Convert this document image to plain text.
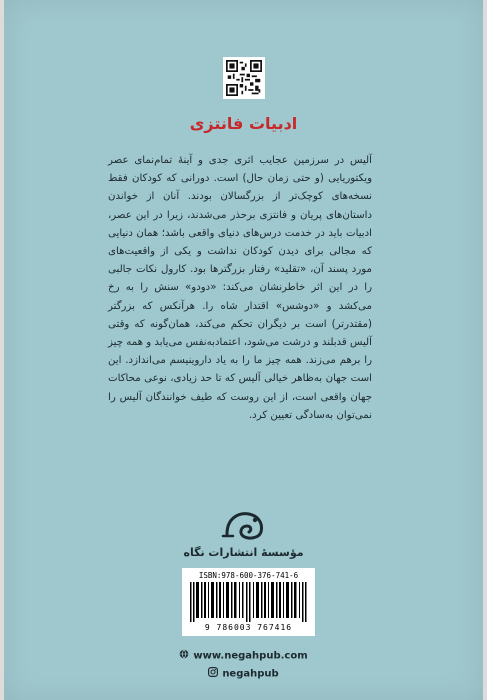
ادبیات فانتزی

آلیس در سرزمین عجایب اثری جدی و آینهٔ تمام‌نمای عصر ویکتوریایی (و حتی زمان حال) است. دورانی که کودکان فقط نسخه‌های کوچک‌تر از بزرگسالان بودند. آنان از خواندن داستان‌های پریان و فانتزی برحذر می‌شدند، زیرا در این عصر، ادبیات باید در خدمت درس‌های دنیای واقعی باشد؛ همان دنیایی که مجالی برای دیدن کودکان نداشت و یکی از واقعیت‌های مورد پسند آن، «تقلید» رفتار بزرگترها بود. کارول نکات جالبی را در این اثر خاطرنشان می‌کند: «دودو» سنش را به رخ می‌کشد و «دوشس» اقتدار شاه را. هرآنکس که بزرگتر (مقتدرتر) است بر دیگران تحکم می‌کند، همان‌گونه که وقتی آلیس قدبلند و درشت می‌شود، اعتماد‌به‌نفس می‌یابد و همه چیز را برهم می‌زند. همه چیز ما را به یاد داروینیسم می‌اندازد. این است جهان به‌ظاهر خیالی آلیس که تا حد زیادی، نوعی محاکات جهان واقعی است، از این روست که طیف خوانندگان آلیس را نمی‌توان به‌سادگی تعیین کرد.

مؤسسهٔ انتشارات نگاه
ISBN:978-600-376-741-6
9 786003 767416
www.negahpub.com
negahpub
